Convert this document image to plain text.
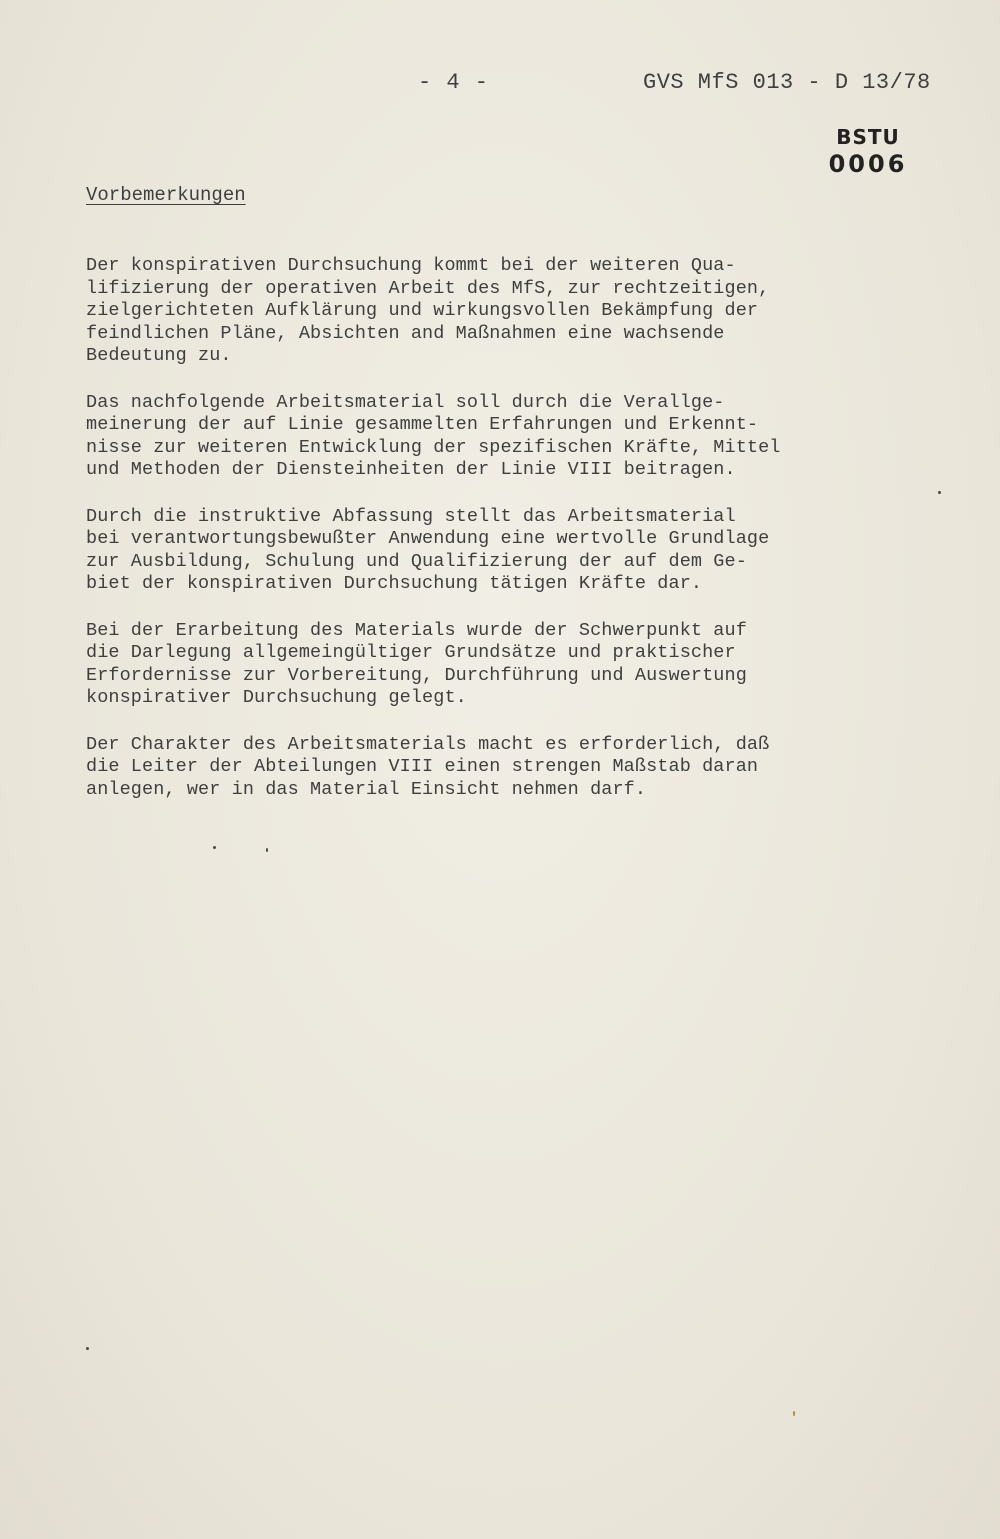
- 4 -	GVS MfS 013 - D 13/78
BSTU
0006
Vorbemerkungen
Der konspirativen Durchsuchung kommt bei der weiteren Qua-
lifizierung der operativen Arbeit des MfS, zur rechtzeitigen,
zielgerichteten Aufklärung und wirkungsvollen Bekämpfung der
feindlichen Pläne, Absichten and Maßnahmen eine wachsende
Bedeutung zu.
Das nachfolgende Arbeitsmaterial soll durch die Verallge-
meinerung der auf Linie gesammelten Erfahrungen und Erkennt-
nisse zur weiteren Entwicklung der spezifischen Kräfte, Mittel
und Methoden der Diensteinheiten der Linie VIII beitragen.
Durch die instruktive Abfassung stellt das Arbeitsmaterial
bei verantwortungsbewußter Anwendung eine wertvolle Grundlage
zur Ausbildung, Schulung und Qualifizierung der auf dem Ge-
biet der konspirativen Durchsuchung tätigen Kräfte dar.
Bei der Erarbeitung des Materials wurde der Schwerpunkt auf
die Darlegung allgemeingültiger Grundsätze und praktischer
Erfordernisse zur Vorbereitung, Durchführung und Auswertung
konspirativer Durchsuchung gelegt.
Der Charakter des Arbeitsmaterials macht es erforderlich, daß
die Leiter der Abteilungen VIII einen strengen Maßstab daran
anlegen, wer in das Material Einsicht nehmen darf.
